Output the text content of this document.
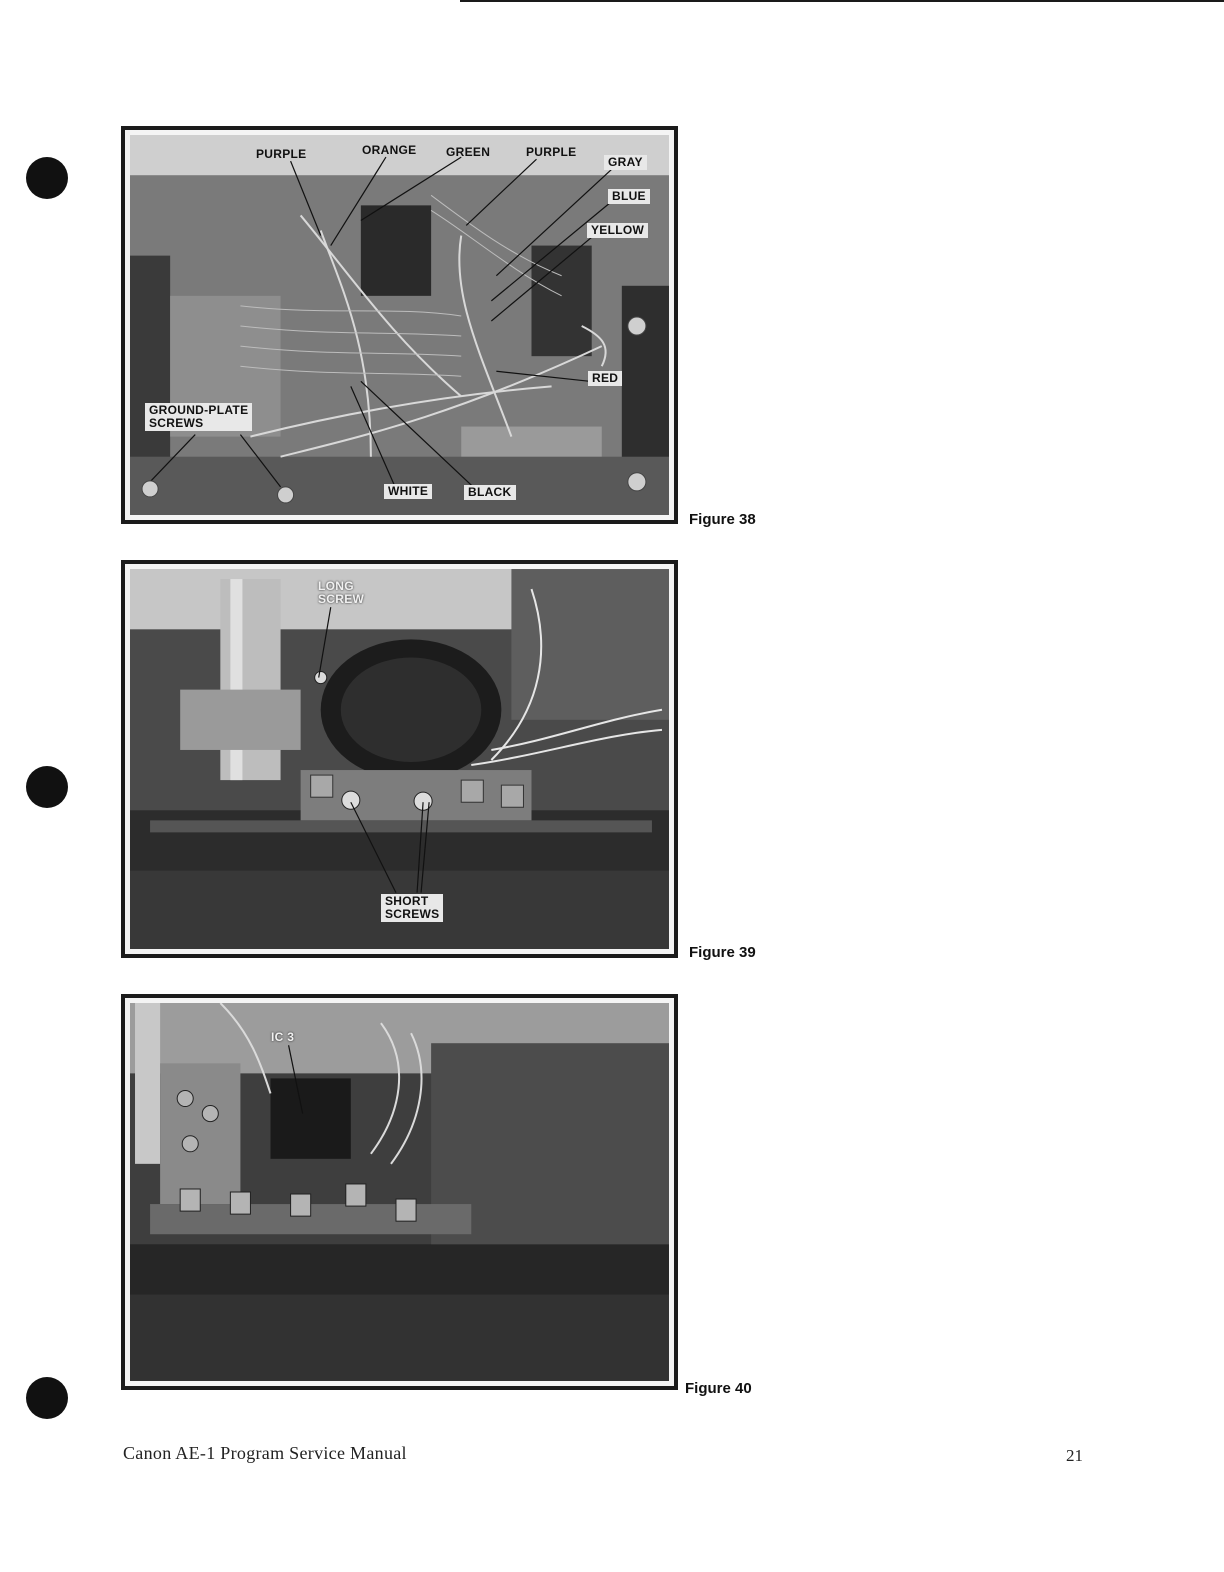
PURPLE	ORANGE	GREEN	PURPLE
GRAY
BLUE
YELLOW
RED
GROUND-PLATE
SCREWS
WHITE	BLACK
Figure 38
LONG
SCREW
SHORT
SCREWS
Figure 39
IC 3
Figure 40
Canon AE-1 Program Service Manual	21
